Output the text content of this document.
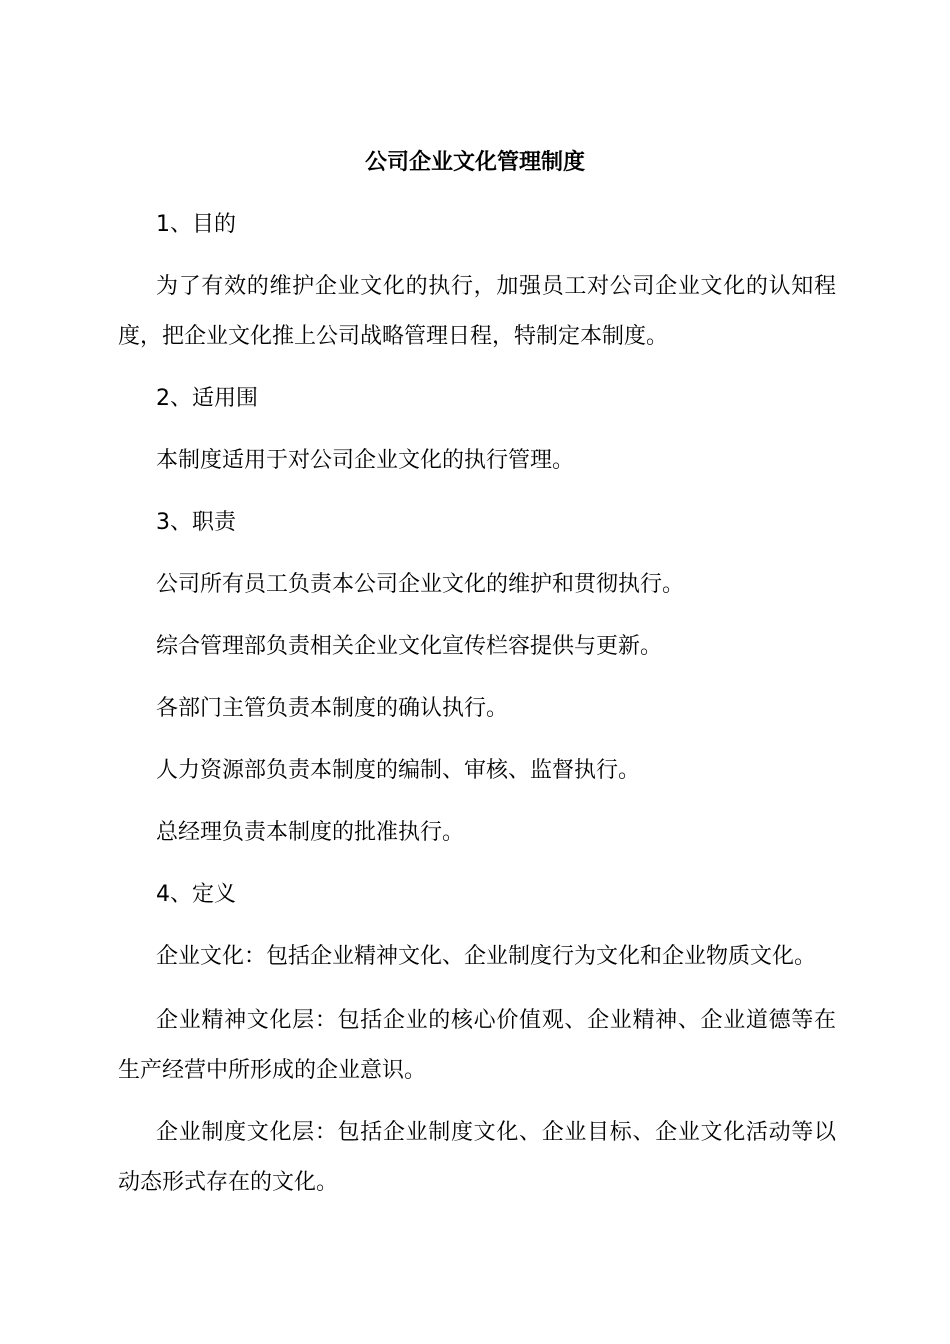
公司企业文化管理制度

1、目的

为了有效的维护企业文化的执行，加强员工对公司企业文化的认知程度，把企业文化推上公司战略管理日程，特制定本制度。

2、适用围

本制度适用于对公司企业文化的执行管理。

3、职责

公司所有员工负责本公司企业文化的维护和贯彻执行。

综合管理部负责相关企业文化宣传栏容提供与更新。

各部门主管负责本制度的确认执行。

人力资源部负责本制度的编制、审核、监督执行。

总经理负责本制度的批准执行。

4、定义

企业文化：包括企业精神文化、企业制度行为文化和企业物质文化。

企业精神文化层：包括企业的核心价值观、企业精神、企业道德等在生产经营中所形成的企业意识。

企业制度文化层：包括企业制度文化、企业目标、企业文化活动等以动态形式存在的文化。
